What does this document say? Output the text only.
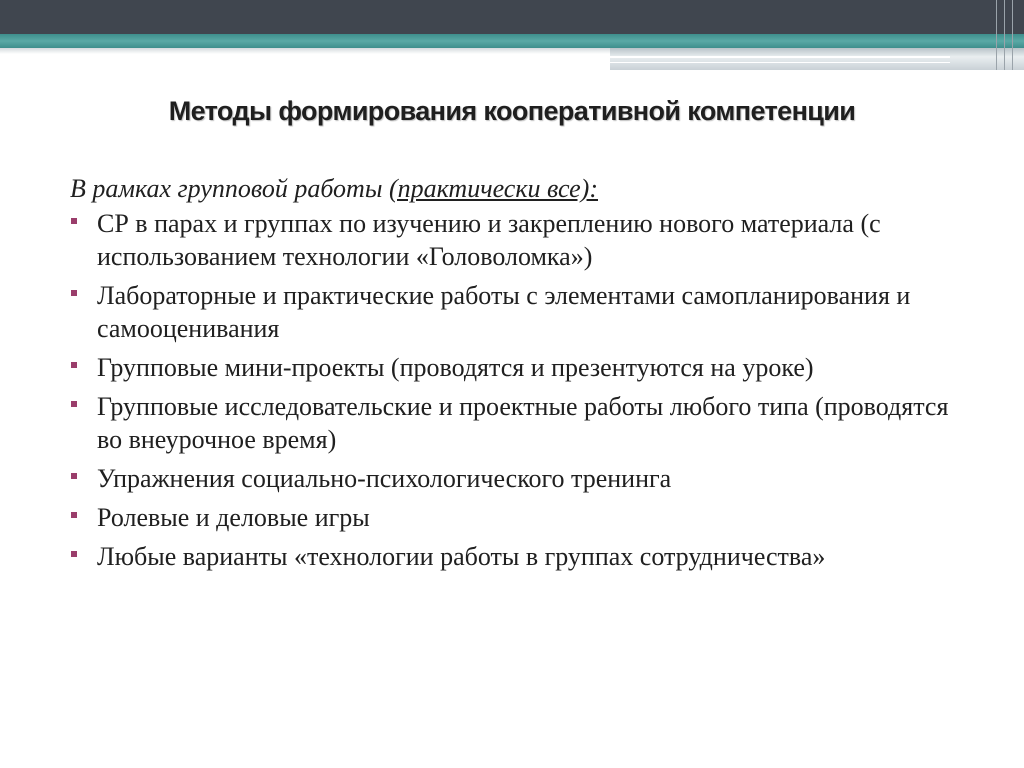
Методы формирования кооперативной компетенции

В рамках групповой работы (практически все):

СР в парах и группах по изучению и закреплению нового материала (с использованием технологии «Головоломка»)
Лабораторные и практические работы с элементами самопланирования и самооценивания
Групповые мини-проекты (проводятся и презентуются на уроке)
Групповые исследовательские и проектные работы любого типа (проводятся во внеурочное время)
Упражнения социально-психологического тренинга
Ролевые и деловые игры
Любые варианты «технологии работы в группах сотрудничества»
